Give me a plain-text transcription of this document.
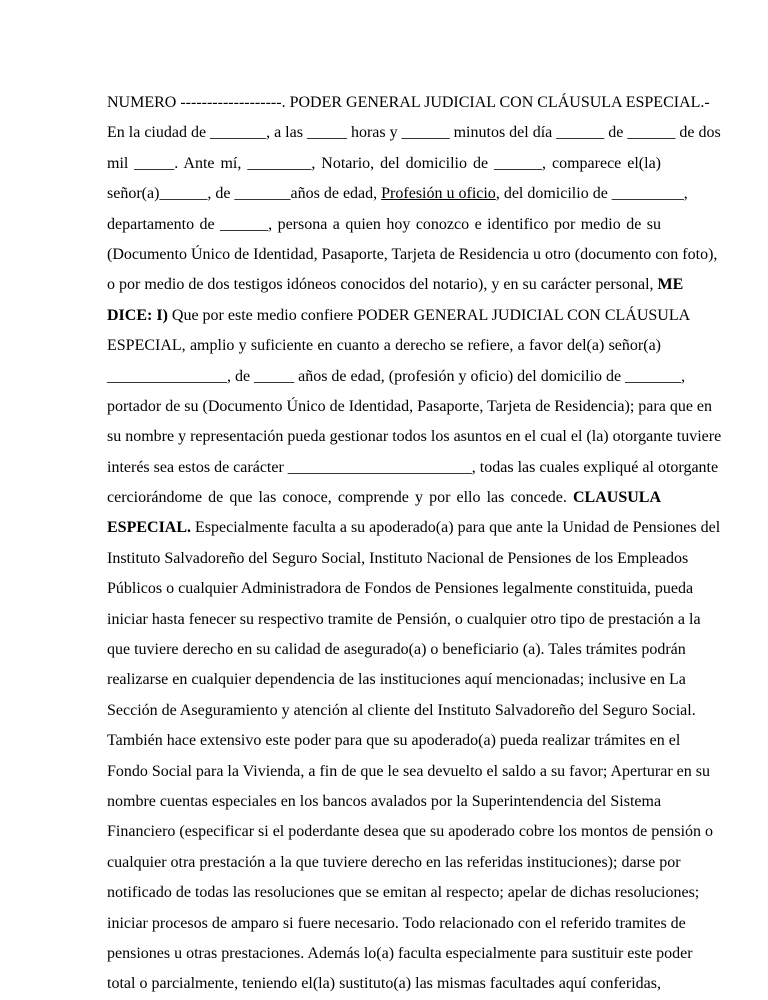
NUMERO -------------------. PODER GENERAL JUDICIAL CON CLÁUSULA ESPECIAL.-
En la ciudad de _______, a las _____ horas y ______ minutos del día ______ de ______ de dos
mil _____. Ante mí, ________, Notario, del domicilio de ______, comparece el(la)
señor(a)______, de _______años de edad, Profesión u oficio, del domicilio de _________,
departamento de ______, persona a quien hoy conozco e identifico por medio de su
(Documento Único de Identidad, Pasaporte, Tarjeta de Residencia u otro (documento con foto),
o por medio de dos testigos idóneos conocidos del notario), y en su carácter personal, ME
DICE: I) Que por este medio confiere PODER GENERAL JUDICIAL CON CLÁUSULA
ESPECIAL, amplio y suficiente en cuanto a derecho se refiere, a favor del(a) señor(a)
_______________, de _____ años de edad, (profesión y oficio) del domicilio de _______,
portador de su (Documento Único de Identidad, Pasaporte, Tarjeta de Residencia); para que en
su nombre y representación pueda gestionar todos los asuntos en el cual el (la) otorgante tuviere
interés sea estos de carácter _______________________, todas las cuales expliqué al otorgante
cerciorándome de que las conoce, comprende y por ello las concede. CLAUSULA
ESPECIAL. Especialmente faculta a su apoderado(a) para que ante la Unidad de Pensiones del
Instituto Salvadoreño del Seguro Social, Instituto Nacional de Pensiones de los Empleados
Públicos o cualquier Administradora de Fondos de Pensiones legalmente constituida, pueda
iniciar hasta fenecer su respectivo tramite de Pensión, o cualquier otro tipo de prestación a la
que tuviere derecho en su calidad de asegurado(a) o beneficiario (a). Tales trámites podrán
realizarse en cualquier dependencia de las instituciones aquí mencionadas; inclusive en La
Sección de Aseguramiento y atención al cliente del Instituto Salvadoreño del Seguro Social.
También hace extensivo este poder para que su apoderado(a) pueda realizar trámites en el
Fondo Social para la Vivienda, a fin de que le sea devuelto el saldo a su favor; Aperturar en su
nombre cuentas especiales en los bancos avalados por la Superintendencia del Sistema
Financiero (especificar si el poderdante desea que su apoderado cobre los montos de pensión o
cualquier otra prestación a la que tuviere derecho en las referidas instituciones); darse por
notificado de todas las resoluciones que se emitan al respecto; apelar de dichas resoluciones;
iniciar procesos de amparo si fuere necesario. Todo relacionado con el referido tramites de
pensiones u otras prestaciones. Además lo(a) faculta especialmente para sustituir este poder
total o parcialmente, teniendo el(la) sustituto(a) las mismas facultades aquí conferidas,
